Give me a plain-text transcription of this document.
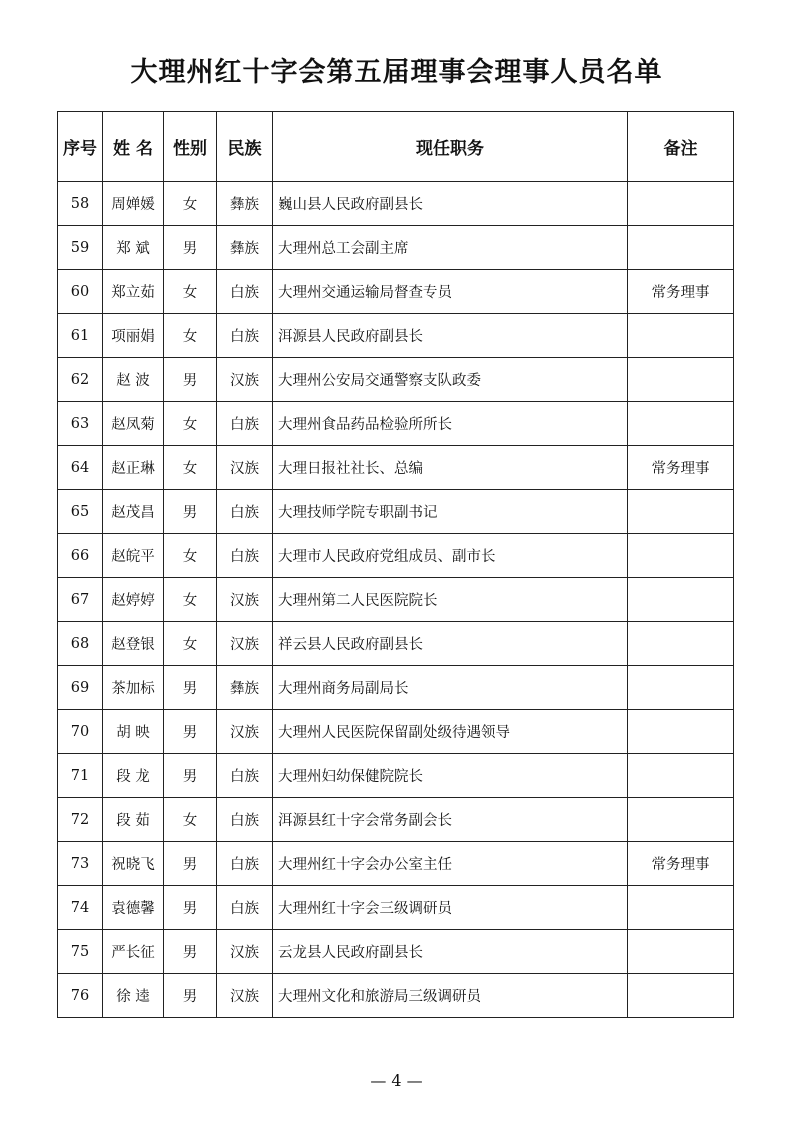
大理州红十字会第五届理事会理事人员名单
序号	姓 名	性别	民族	现任职务	备注
58	周婵媛	女	彝族	巍山县人民政府副县长	
59	郑 斌	男	彝族	大理州总工会副主席	
60	郑立茹	女	白族	大理州交通运输局督查专员	常务理事
61	项丽娟	女	白族	洱源县人民政府副县长	
62	赵 波	男	汉族	大理州公安局交通警察支队政委	
63	赵凤菊	女	白族	大理州食品药品检验所所长	
64	赵正琳	女	汉族	大理日报社社长、总编	常务理事
65	赵茂昌	男	白族	大理技师学院专职副书记	
66	赵皖平	女	白族	大理市人民政府党组成员、副市长	
67	赵婷婷	女	汉族	大理州第二人民医院院长	
68	赵登银	女	汉族	祥云县人民政府副县长	
69	茶加标	男	彝族	大理州商务局副局长	
70	胡 映	男	汉族	大理州人民医院保留副处级待遇领导	
71	段 龙	男	白族	大理州妇幼保健院院长	
72	段 茹	女	白族	洱源县红十字会常务副会长	
73	祝晓飞	男	白族	大理州红十字会办公室主任	常务理事
74	袁德馨	男	白族	大理州红十字会三级调研员	
75	严长征	男	汉族	云龙县人民政府副县长	
76	徐 逵	男	汉族	大理州文化和旅游局三级调研员	
— 4 —
